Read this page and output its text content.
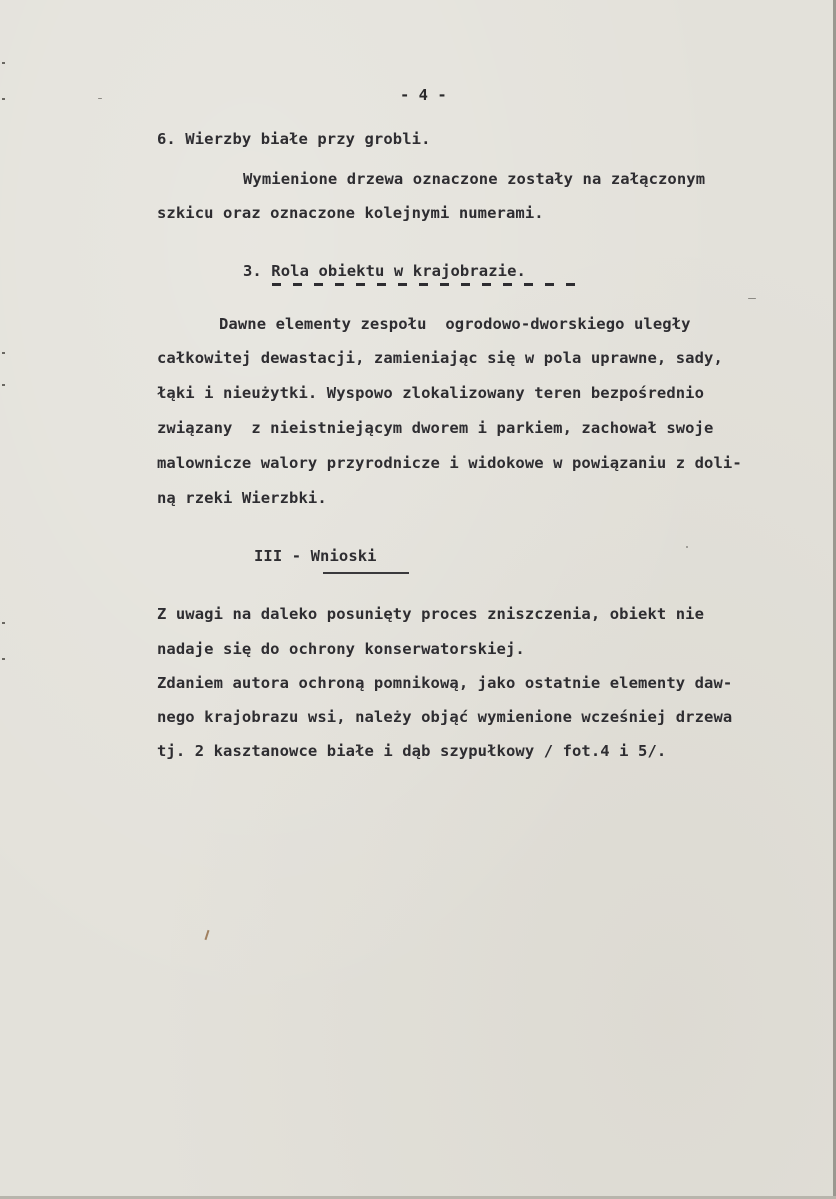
- 4 -
6. Wierzby białe przy grobli.
Wymienione drzewa oznaczone zostały na załączonym
szkicu oraz oznaczone kolejnymi numerami.
3. Rola obiektu w krajobrazie.
Dawne elementy zespołu  ogrodowo-dworskiego uległy
całkowitej dewastacji, zamieniając się w pola uprawne, sady,
łąki i nieużytki. Wyspowo zlokalizowany teren bezpośrednio
związany  z nieistniejącym dworem i parkiem, zachował swoje
malownicze walory przyrodnicze i widokowe w powiązaniu z doli-
ną rzeki Wierzbki.
III - Wnioski
Z uwagi na daleko posunięty proces zniszczenia, obiekt nie
nadaje się do ochrony konserwatorskiej.
Zdaniem autora ochroną pomnikową, jako ostatnie elementy daw-
nego krajobrazu wsi, należy objąć wymienione wcześniej drzewa
tj. 2 kasztanowce białe i dąb szypułkowy / fot.4 i 5/.
